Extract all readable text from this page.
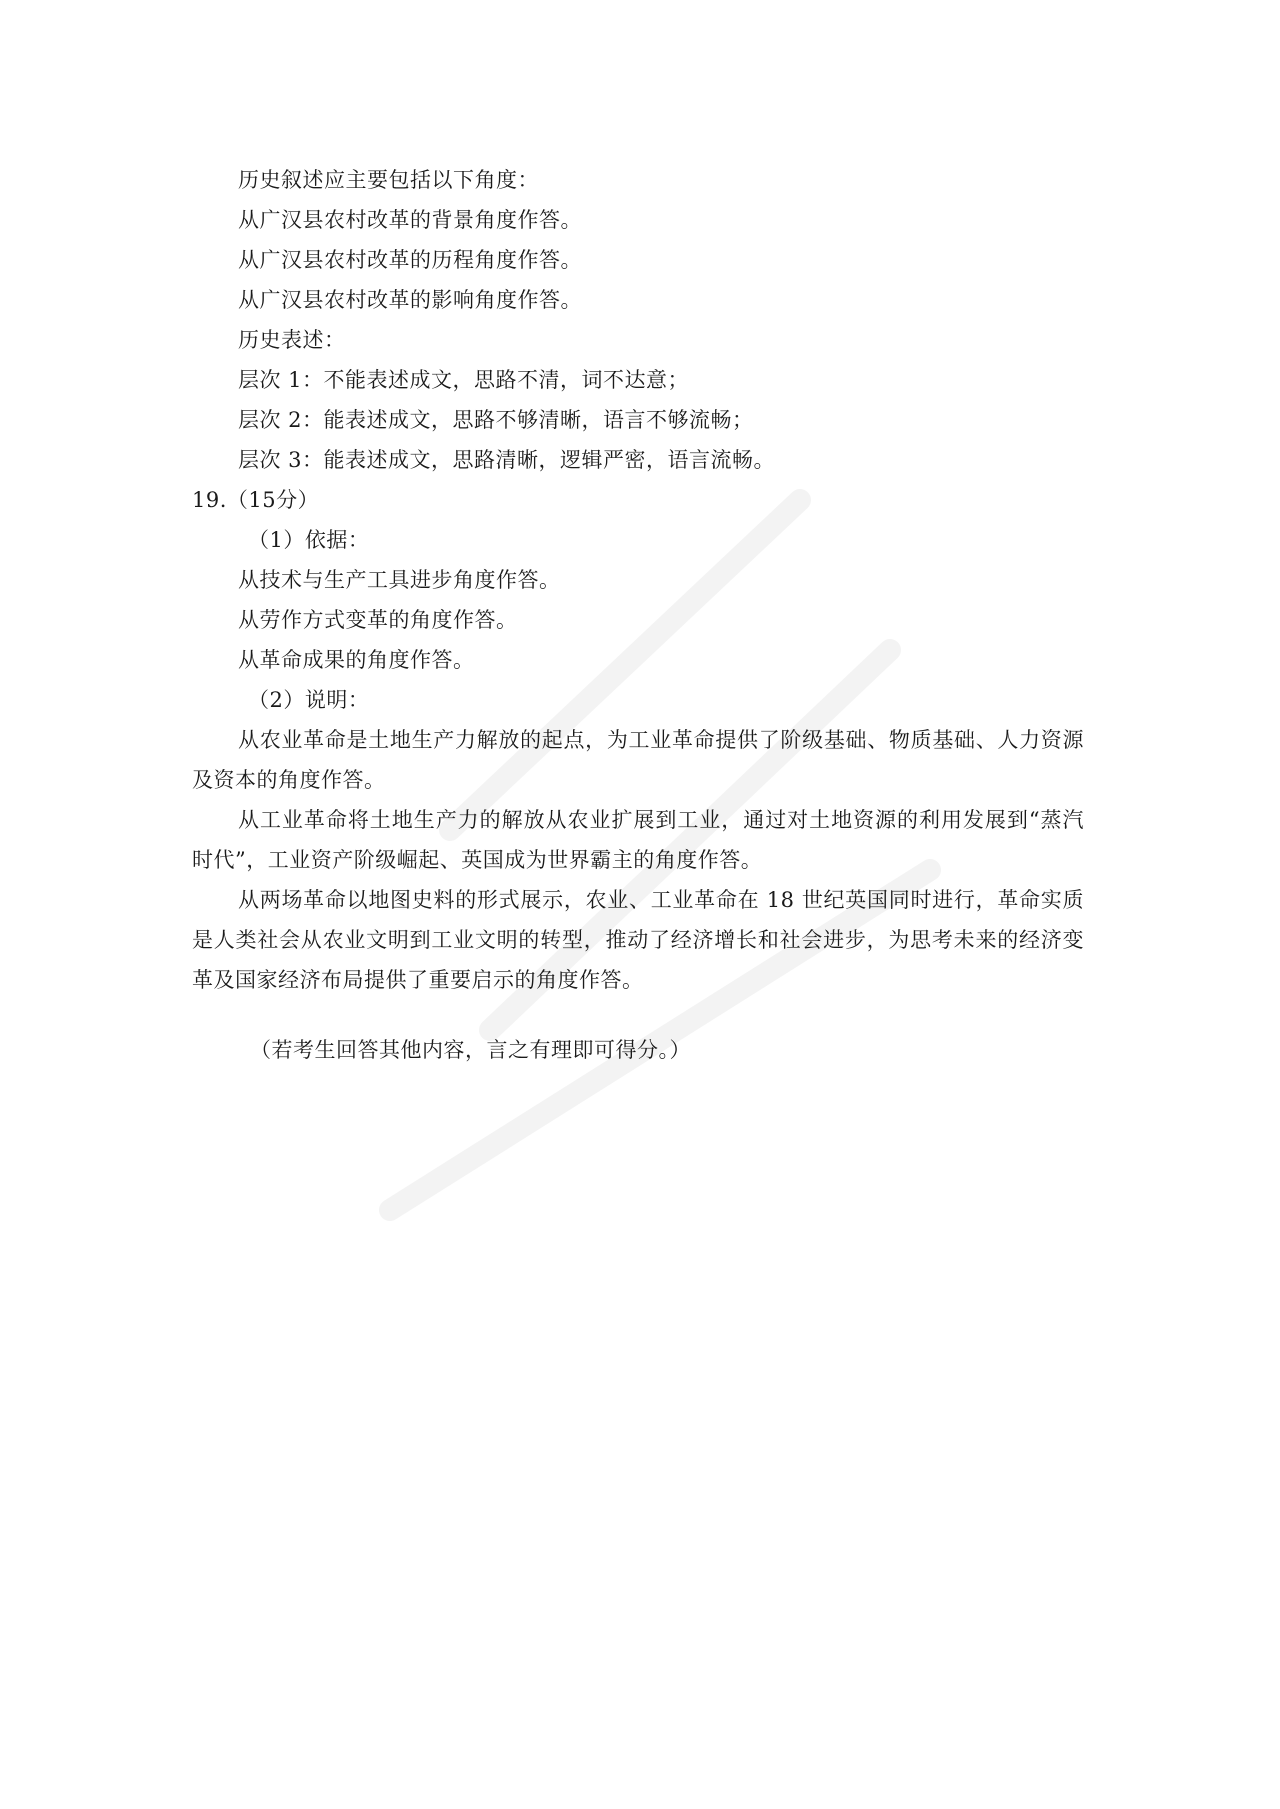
历史叙述应主要包括以下角度：
从广汉县农村改革的背景角度作答。
从广汉县农村改革的历程角度作答。
从广汉县农村改革的影响角度作答。
历史表述：
层次 1：不能表述成文，思路不清，词不达意；
层次 2：能表述成文，思路不够清晰，语言不够流畅；
层次 3：能表述成文，思路清晰，逻辑严密，语言流畅。
19.（15分）
（1）依据：
从技术与生产工具进步角度作答。
从劳作方式变革的角度作答。
从革命成果的角度作答。
（2）说明：
从农业革命是土地生产力解放的起点，为工业革命提供了阶级基础、物质基础、人力资源及资本的角度作答。
从工业革命将土地生产力的解放从农业扩展到工业，通过对土地资源的利用发展到“蒸汽时代”，工业资产阶级崛起、英国成为世界霸主的角度作答。
从两场革命以地图史料的形式展示，农业、工业革命在 18 世纪英国同时进行，革命实质是人类社会从农业文明到工业文明的转型，推动了经济增长和社会进步，为思考未来的经济变革及国家经济布局提供了重要启示的角度作答。
（若考生回答其他内容，言之有理即可得分。）
